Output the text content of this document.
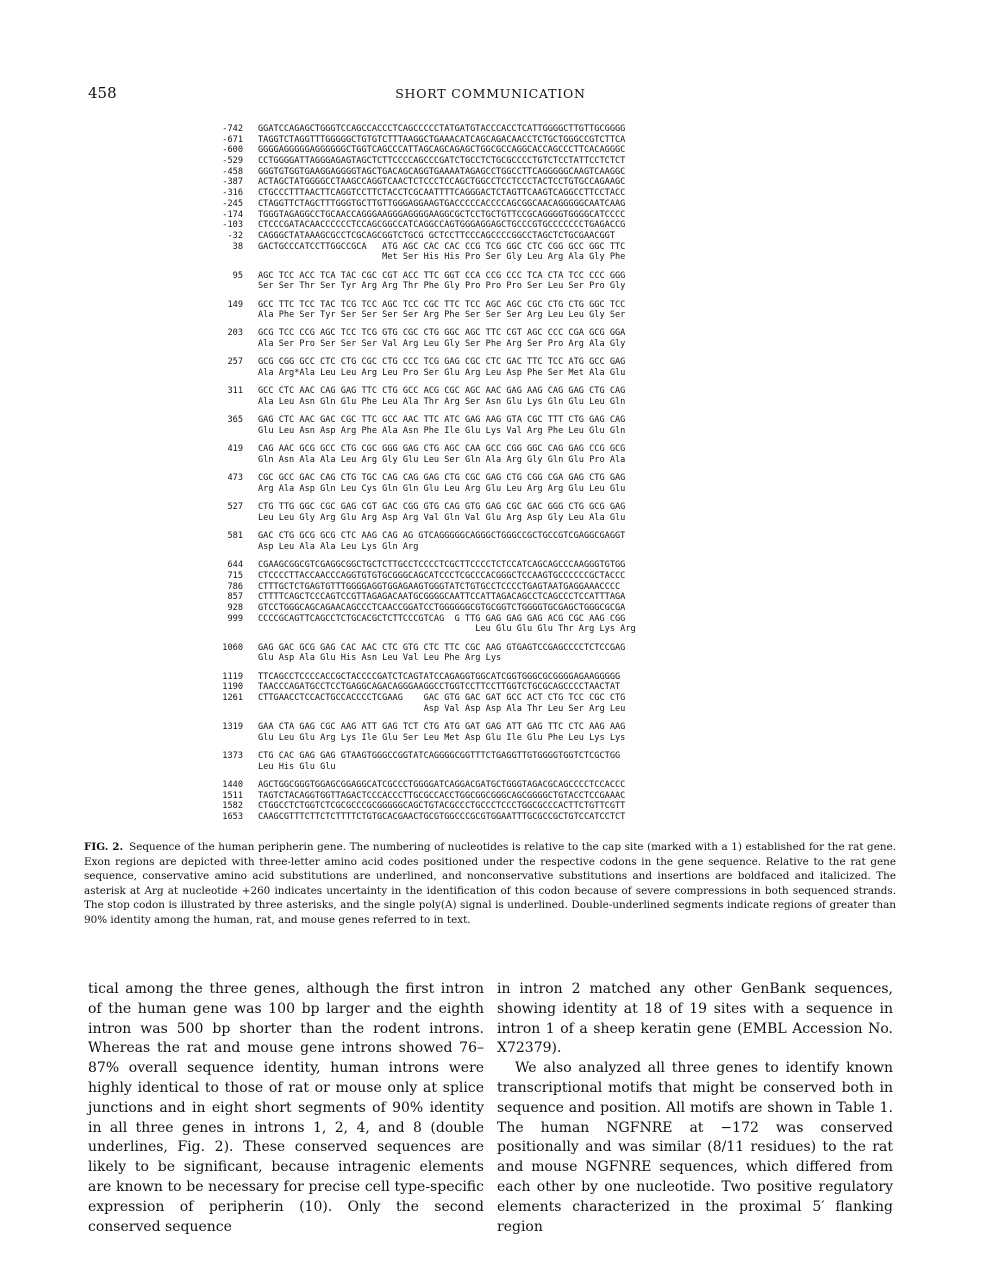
458	SHORT COMMUNICATION
-742 GGATCCAGAGCTGGGTCCAGCCACCCTCAGCCCCCTATGATGTACCCACCTCATTGGGGCTTGTTGCGGGG
-671 TAGGTCTAGGTTTGGGGGCTGTGTCTTTAAGGCTGAAACATCAGCAGACAACCTCTGCTGGGCCGTCTTCA
-600 GGGGAGGGGGAGGGGGGCTGGTCAGCCCATTAGCAGCAGAGCTGGCGCCAGGCACCAGCCCTTCACAGGGC
-529 CCTGGGGATTAGGGAGAGTAGCTCTTCCCCAGCCCGATCTGCCTCTGCGCCCCTGTCTCCTATTCCTCTCT
-458 GGGTGTGGTGAAGGAGGGGTAGCTGACAGCAGGTGAAAATAGAGCCTGGCCTTCAGGGGGCAAGTCAAGGC
-387 ACTAGCTATGGGGCCTAAGCCAGGTCAACTCTCCCTCCAGCTGGCCTCCTCCCTACTCCTGTGCCAGAAGC
-316 CTGCCCTTTAACTTCAGGTCCTTCTACCTCGCAATTTTCAGGGACTCTAGTTCAAGTCAGGCCTTCCTACC
-245 CTAGGTTCTAGCTTTGGGTGCTTGTTGGGAGGAAGTGACCCCCACCCCAGCGGCAACAGGGGGCAATCAAG
-174 TGGGTAGAGGCCTGCAACCAGGGAAGGGAGGGGAAGGCGCTCCTGCTGTTCCGCAGGGGTGGGGCATCCCC
-103 CTCCCGATACAACCCCCCTCCAGCGGCCATCAGGCCAGTGGGAGGAGCTGCCCGTGCCCCCCCTGAGACCG
-32 CAGGGCTATAAAGCGCCTCGCAGCGGTCTGCG GCTCCTTCCCAGCCCCGGCCTAGCTCTGCGAACGGT
38 GACTGCCCATCCTTGGCCGCA   ATG AGC CAC CAC CCG TCG GGC CTC CGG GCC GGC TTC
Met Ser His His Pro Ser Gly Leu Arg Ala Gly Phe
95 AGC TCC ACC TCA TAC CGC CGT ACC TTC GGT CCA CCG CCC TCA CTA TCC CCC GGG
Ser Ser Thr Ser Tyr Arg Arg Thr Phe Gly Pro Pro Pro Ser Leu Ser Pro Gly
149 GCC TTC TCC TAC TCG TCC AGC TCC CGC TTC TCC AGC AGC CGC CTG CTG GGC TCC
Ala Phe Ser Tyr Ser Ser Ser Ser Arg Phe Ser Ser Ser Arg Leu Leu Gly Ser
203 GCG TCC CCG AGC TCC TCG GTG CGC CTG GGC AGC TTC CGT AGC CCC CGA GCG GGA
Ala Ser Pro Ser Ser Ser Val Arg Leu Gly Ser Phe Arg Ser Pro Arg Ala Gly
257 GCG CGG GCC CTC CTG CGC CTG CCC TCG GAG CGC CTC GAC TTC TCC ATG GCC GAG
Ala Arg*Ala Leu Leu Arg Leu Pro Ser Glu Arg Leu Asp Phe Ser Met Ala Glu
311 GCC CTC AAC CAG GAG TTC CTG GCC ACG CGC AGC AAC GAG AAG CAG GAG CTG CAG
Ala Leu Asn Gln Glu Phe Leu Ala Thr Arg Ser Asn Glu Lys Gln Glu Leu Gln
365 GAG CTC AAC GAC CGC TTC GCC AAC TTC ATC GAG AAG GTA CGC TTT CTG GAG CAG
Glu Leu Asn Asp Arg Phe Ala Asn Phe Ile Glu Lys Val Arg Phe Leu Glu Gln
419 CAG AAC GCG GCC CTG CGC GGG GAG CTG AGC CAA GCC CGG GGC CAG GAG CCG GCG
Gln Asn Ala Ala Leu Arg Gly Glu Leu Ser Gln Ala Arg Gly Gln Glu Pro Ala
473 CGC GCC GAC CAG CTG TGC CAG CAG GAG CTG CGC GAG CTG CGG CGA GAG CTG GAG
Arg Ala Asp Gln Leu Cys Gln Gln Glu Leu Arg Glu Leu Arg Arg Glu Leu Glu
527 CTG TTG GGC CGC GAG CGT GAC CGG GTG CAG GTG GAG CGC GAC GGG CTG GCG GAG
Leu Leu Gly Arg Glu Arg Asp Arg Val Gln Val Glu Arg Asp Gly Leu Ala Glu
581 GAC CTG GCG GCG CTC AAG CAG AG GTCAGGGGGCAGGGCTGGGCCGCTGCCGTCGAGGCGAGGT
Asp Leu Ala Ala Leu Lys Gln Arg
644 CGAAGCGGCGTCGAGGCGGCTGCTCTTGCCTCCCCTCGCTTCCCCTCTCCATCAGCAGCCCAAGGGTGTGG
715 CTCCCCTTACCAACCCAGGTGTGTGCGGGCAGCATCCCTCGCCCACGGGCTCCAAGTGCCCCCCGCTACCC
786 CTTTGCTCTGAGTGTTTGGGGAGGTGGAGAAGTGGGTATCTGTGCCTCCCCTGAGTAATGAGGAAACCCC
857 CTTTTCAGCTCCCAGTCCGTTAGAGACAATGCGGGGCAATTCCATTAGACAGCCTCAGCCCTCCATTTAGA
928 GTCCTGGGCAGCAGAACAGCCCTCAACCGGATCCTGGGGGGCGTGCGGTCTGGGGTGCGAGCTGGGCGCGA
999 CCCCGCAGTTCAGCCTCTGCACGCTCTTCCCGTCAG  G TTG GAG GAG GAG ACG CGC AAG CGG
Leu Glu Glu Glu Thr Arg Lys Arg
1060 GAG GAC GCG GAG CAC AAC CTC GTG CTC TTC CGC AAG GTGAGTCCGAGCCCCTCTCCGAG
Glu Asp Ala Glu His Asn Leu Val Leu Phe Arg Lys
1119 TTCAGCCTCCCCACCGCTACCCCGATCTCAGTATCCAGAGGTGGCATCGGTGGGCGCGGGGAGAAGGGGG
1190 TAACCCAGATGCCTCCTGAGGCAGACAGGGAAGGCCTGGTCCTTCCTTGGTCTGCGCAGCCCCTAACTAT
1261 CTTGAACCTCCACTGCCACCCCTCGAAG    GAC GTG GAC GAT GCC ACT CTG TCC CGC CTG
Asp Val Asp Asp Ala Thr Leu Ser Arg Leu
1319 GAA CTA GAG CGC AAG ATT GAG TCT CTG ATG GAT GAG ATT GAG TTC CTC AAG AAG
Glu Leu Glu Arg Lys Ile Glu Ser Leu Met Asp Glu Ile Glu Phe Leu Lys Lys
1373 CTG CAC GAG GAG GTAAGTGGGCCGGTATCAGGGGCGGTTTCTGAGGTTGTGGGGTGGTCTCGCTGG
Leu His Glu Glu
1440 AGCTGGCGGGTGGAGCGGAGGCATCGCCCTGGGGATCAGGACGATGCTGGGTAGACGCAGCCCCTCCACCC
1511 TAGTCTACAGGTGGTTAGACTCCCACCCTTGCGCCACCTGGCGGCGGGCAGCGGGGCTGTACCTCCGAAAC
1582 CTGGCCTCTGGTCTCGCGCCCGCGGGGGCAGCTGTACGCCCTGCCCTCCCTGGCGCCCACTTCTGTTCGTT
1653 CAAGCGTTTCTTCTCTTTTCTGTGCACGAACTGCGTGGCCCGCGTGGAATTTGCGCCGCTGTCCATCCTCT
FIG. 2. Sequence of the human peripherin gene. The numbering of nucleotides is relative to the cap site (marked with a 1) established for the rat gene. Exon regions are depicted with three-letter amino acid codes positioned under the respective codons in the gene sequence. Relative to the rat gene sequence, conservative amino acid substitutions are underlined, and nonconservative substitutions and insertions are boldfaced and italicized. The asterisk at Arg at nucleotide +260 indicates uncertainty in the identification of this codon because of severe compressions in both sequenced strands. The stop codon is illustrated by three asterisks, and the single poly(A) signal is underlined. Double-underlined segments indicate regions of greater than 90% identity among the human, rat, and mouse genes referred to in text.

tical among the three genes, although the first intron of the human gene was 100 bp larger and the eighth intron was 500 bp shorter than the rodent introns. Whereas the rat and mouse gene introns showed 76–87% overall sequence identity, human introns were highly identical to those of rat or mouse only at splice junctions and in eight short segments of 90% identity in all three genes in introns 1, 2, 4, and 8 (double underlines, Fig. 2). These conserved sequences are likely to be significant, because intragenic elements are known to be necessary for precise cell type-specific expression of peripherin (10). Only the second conserved sequence

in intron 2 matched any other GenBank sequences, showing identity at 18 of 19 sites with a sequence in intron 1 of a sheep keratin gene (EMBL Accession No. X72379).

We also analyzed all three genes to identify known transcriptional motifs that might be conserved both in sequence and position. All motifs are shown in Table 1. The human NGFNRE at −172 was conserved positionally and was similar (8/11 residues) to the rat and mouse NGFNRE sequences, which differed from each other by one nucleotide. Two positive regulatory elements characterized in the proximal 5′ flanking region
